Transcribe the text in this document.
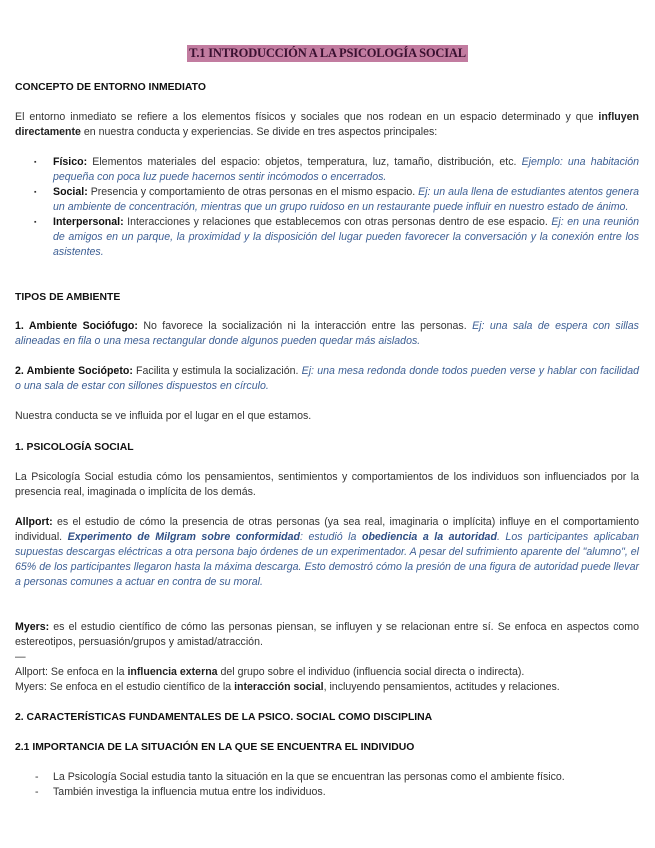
T.1 INTRODUCCIÓN A LA PSICOLOGÍA SOCIAL
CONCEPTO DE ENTORNO INMEDIATO
El entorno inmediato se refiere a los elementos físicos y sociales que nos rodean en un espacio determinado y que influyen directamente en nuestra conducta y experiencias. Se divide en tres aspectos principales:
▪ Físico: Elementos materiales del espacio: objetos, temperatura, luz, tamaño, distribución, etc. Ejemplo: una habitación pequeña con poca luz puede hacernos sentir incómodos o encerrados.
▪ Social: Presencia y comportamiento de otras personas en el mismo espacio. Ej: un aula llena de estudiantes atentos genera un ambiente de concentración, mientras que un grupo ruidoso en un restaurante puede influir en nuestro estado de ánimo.
▪ Interpersonal: Interacciones y relaciones que establecemos con otras personas dentro de ese espacio. Ej: en una reunión de amigos en un parque, la proximidad y la disposición del lugar pueden favorecer la conversación y la conexión entre los asistentes.
TIPOS DE AMBIENTE
1. Ambiente Sociófugo: No favorece la socialización ni la interacción entre las personas. Ej: una sala de espera con sillas alineadas en fila o una mesa rectangular donde algunos pueden quedar más aislados.
2. Ambiente Sociópeto: Facilita y estimula la socialización. Ej: una mesa redonda donde todos pueden verse y hablar con facilidad o una sala de estar con sillones dispuestos en círculo.
Nuestra conducta se ve influida por el lugar en el que estamos.
1. PSICOLOGÍA SOCIAL
La Psicología Social estudia cómo los pensamientos, sentimientos y comportamientos de los individuos son influenciados por la presencia real, imaginada o implícita de los demás.
Allport: es el estudio de cómo la presencia de otras personas (ya sea real, imaginaria o implícita) influye en el comportamiento individual. Experimento de Milgram sobre conformidad: estudió la obediencia a la autoridad. Los participantes aplicaban supuestas descargas eléctricas a otra persona bajo órdenes de un experimentador. A pesar del sufrimiento aparente del "alumno", el 65% de los participantes llegaron hasta la máxima descarga. Esto demostró cómo la presión de una figura de autoridad puede llevar a personas comunes a actuar en contra de su moral.
Myers: es el estudio científico de cómo las personas piensan, se influyen y se relacionan entre sí. Se enfoca en aspectos como estereotipos, persuasión/grupos y amistad/atracción.
—
Allport: Se enfoca en la influencia externa del grupo sobre el individuo (influencia social directa o indirecta).
Myers: Se enfoca en el estudio científico de la interacción social, incluyendo pensamientos, actitudes y relaciones.
2. CARACTERÍSTICAS FUNDAMENTALES DE LA PSICO. SOCIAL COMO DISCIPLINA
2.1 IMPORTANCIA DE LA SITUACIÓN EN LA QUE SE ENCUENTRA EL INDIVIDUO
- La Psicología Social estudia tanto la situación en la que se encuentran las personas como el ambiente físico.
- También investiga la influencia mutua entre los individuos.
